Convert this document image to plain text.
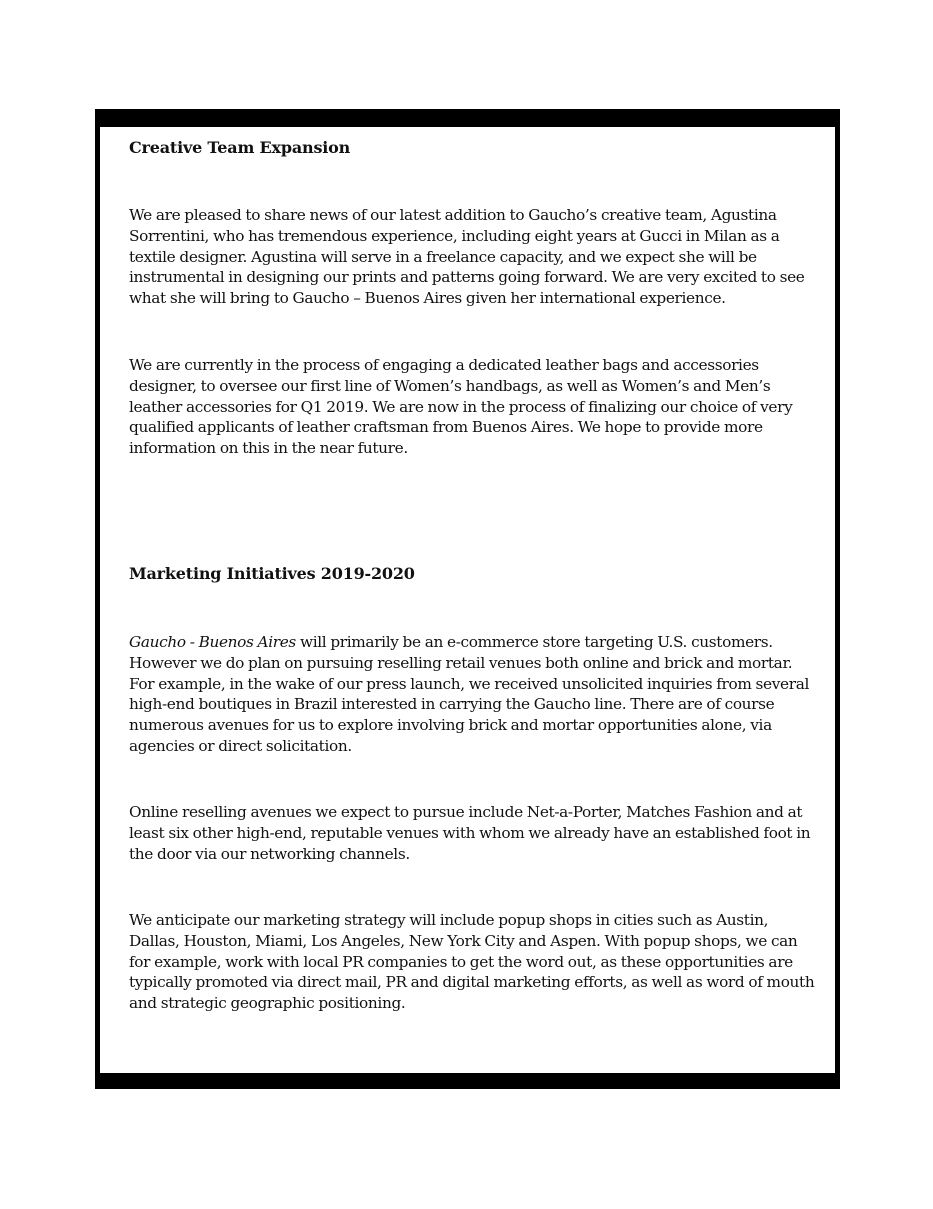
Creative Team Expansion

We are pleased to share news of our latest addition to Gaucho’s creative team, Agustina Sorrentini, who has tremendous experience, including eight years at Gucci in Milan as a textile designer. Agustina will serve in a freelance capacity, and we expect she will be instrumental in designing our prints and patterns going forward. We are very excited to see what she will bring to Gaucho – Buenos Aires given her international experience.

We are currently in the process of engaging a dedicated leather bags and accessories designer, to oversee our first line of Women’s handbags, as well as Women’s and Men’s leather accessories for Q1 2019. We are now in the process of finalizing our choice of very qualified applicants of leather craftsman from Buenos Aires. We hope to provide more information on this in the near future.

Marketing Initiatives 2019-2020

Gaucho - Buenos Aires will primarily be an e-commerce store targeting U.S. customers. However we do plan on pursuing reselling retail venues both online and brick and mortar. For example, in the wake of our press launch, we received unsolicited inquiries from several high-end boutiques in Brazil interested in carrying the Gaucho line. There are of course numerous avenues for us to explore involving brick and mortar opportunities alone, via agencies or direct solicitation.

Online reselling avenues we expect to pursue include Net-a-Porter, Matches Fashion and at least six other high-end, reputable venues with whom we already have an established foot in the door via our networking channels.

We anticipate our marketing strategy will include popup shops in cities such as Austin, Dallas, Houston, Miami, Los Angeles, New York City and Aspen. With popup shops, we can for example, work with local PR companies to get the word out, as these opportunities are typically promoted via direct mail, PR and digital marketing efforts, as well as word of mouth and strategic geographic positioning.
